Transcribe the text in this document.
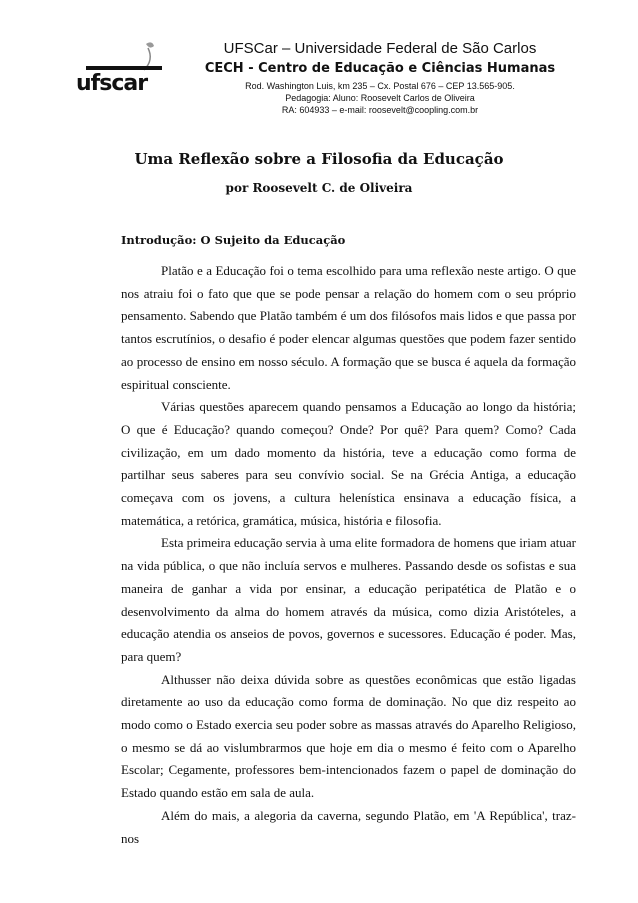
ufscar
UFSCar – Universidade Federal de São Carlos
CECH - Centro de Educação e Ciências Humanas
Rod. Washington Luis, km 235 – Cx. Postal 676 – CEP 13.565-905.
Pedagogia: Aluno: Roosevelt Carlos de Oliveira
RA: 604933 – e-mail: roosevelt@coopling.com.br
Uma Reflexão sobre a Filosofia da Educação
por Roosevelt C. de Oliveira
Introdução: O Sujeito da Educação

Platão e a Educação foi o tema escolhido para uma reflexão neste artigo. O que nos atraiu foi o fato que que se pode pensar a relação do homem com o seu próprio pensamento. Sabendo que Platão também é um dos filósofos mais lidos e que passa por tantos escrutínios, o desafio é poder elencar algumas questões que podem fazer sentido ao processo de ensino em nosso século. A formação que se busca é aquela da formação espiritual consciente.

Várias questões aparecem quando pensamos a Educação ao longo da história; O que é Educação? quando começou? Onde? Por quê? Para quem? Como? Cada civilização, em um dado momento da história, teve a educação como forma de partilhar seus saberes para seu convívio social. Se na Grécia Antiga, a educação começava com os jovens, a cultura helenística ensinava a educação física, a matemática, a retórica, gramática, música, história e filosofia.

Esta primeira educação servia à uma elite formadora de homens que iriam atuar na vida pública, o que não incluía servos e mulheres. Passando desde os sofistas e sua maneira de ganhar a vida por ensinar, a educação peripatética de Platão e o desenvolvimento da alma do homem através da música, como dizia Aristóteles, a educação atendia os anseios de povos, governos e sucessores. Educação é poder. Mas, para quem?

Althusser não deixa dúvida sobre as questões econômicas que estão ligadas diretamente ao uso da educação como forma de dominação. No que diz respeito ao modo como o Estado exercia seu poder sobre as massas através do Aparelho Religioso, o mesmo se dá ao vislumbrarmos que hoje em dia o mesmo é feito com o Aparelho Escolar; Cegamente, professores bem-intencionados fazem o papel de dominação do Estado quando estão em sala de aula.

Além do mais, a alegoria da caverna, segundo Platão, em 'A República', traz-nos
